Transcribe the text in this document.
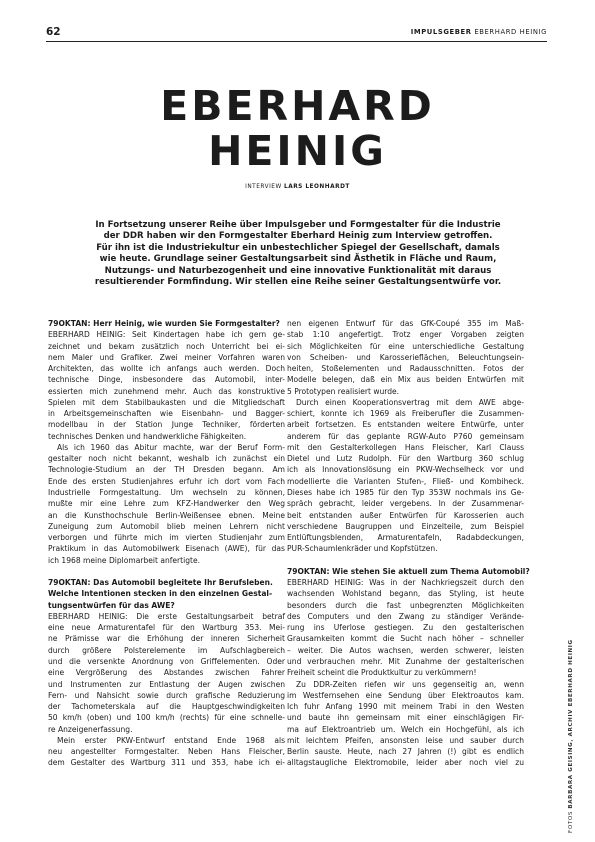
62	IMPULSGEBER EBERHARD HEINIG
EBERHARD
HEINIG
INTERVIEW LARS LEONHARDT
In Fortsetzung unserer Reihe über Impulsgeber und Formgestalter für die Industrie
der DDR haben wir den Formgestalter Eberhard Heinig zum Interview getroffen.
Für ihn ist die Industriekultur ein unbestechlicher Spiegel der Gesellschaft, damals
wie heute. Grundlage seiner Gestaltungsarbeit sind Ästhetik in Fläche und Raum,
Nutzungs- und Naturbezogenheit und eine innovative Funktionalität mit daraus
resultierender Formfindung. Wir stellen eine Reihe seiner Gestaltungsentwürfe vor.
79OKTAN: Herr Heinig, wie wurden Sie Formgestalter?
EBERHARD HEINIG: Seit Kindertagen habe ich gern ge-
zeichnet und bekam zusätzlich noch Unterricht bei ei-
nem Maler und Grafiker. Zwei meiner Vorfahren waren
Architekten, das wollte ich anfangs auch werden. Doch
technische Dinge, insbesondere das Automobil, inter-
essierten mich zunehmend mehr. Auch das konstruktive
Spielen mit dem Stabilbaukasten und die Mitgliedschaft
in Arbeitsgemeinschaften wie Eisenbahn- und Bagger-
modellbau in der Station Junge Techniker, förderten
technisches Denken und handwerkliche Fähigkeiten.
Als ich 1960 das Abitur machte, war der Beruf Form-
gestalter noch nicht bekannt, weshalb ich zunächst ein
Technologie-Studium an der TH Dresden begann. Am
Ende des ersten Studienjahres erfuhr ich dort vom Fach
Industrielle Formgestaltung. Um wechseln zu können,
mußte mir eine Lehre zum KFZ-Handwerker den Weg
an die Kunsthochschule Berlin-Weißensee ebnen. Meine
Zuneigung zum Automobil blieb meinen Lehrern nicht
verborgen und führte mich im vierten Studienjahr zum
Praktikum in das Automobilwerk Eisenach (AWE), für das
ich 1968 meine Diplomarbeit anfertigte.
79OKTAN: Das Automobil begleitete Ihr Berufsleben.
Welche Intentionen stecken in den einzelnen Gestal-
tungsentwürfen für das AWE?
EBERHARD HEINIG: Die erste Gestaltungsarbeit betraf
eine neue Armaturentafel für den Wartburg 353. Mei-
ne Prämisse war die Erhöhung der inneren Sicherheit
durch größere Polsterelemente im Aufschlagbereich
und die versenkte Anordnung von Griffelementen. Oder
eine Vergrößerung des Abstandes zwischen Fahrer
und Instrumenten zur Entlastung der Augen zwischen
Fern- und Nahsicht sowie durch grafische Reduzierung
der Tachometerskala auf die Hauptgeschwindigkeiten
50 km/h (oben) und 100 km/h (rechts) für eine schnelle-
re Anzeigenerfassung.
Mein erster PKW-Entwurf entstand Ende 1968 als
neu angestellter Formgestalter. Neben Hans Fleischer,
dem Gestalter des Wartburg 311 und 353, habe ich ei-
nen eigenen Entwurf für das GfK-Coupé 355 im Maß-
stab 1:10 angefertigt. Trotz enger Vorgaben zeigten
sich Möglichkeiten für eine unterschiedliche Gestaltung
von Scheiben- und Karosserieflächen, Beleuchtungsein-
heiten, Stoßelementen und Radausschnitten. Fotos der
Modelle belegen, daß ein Mix aus beiden Entwürfen mit
5 Prototypen realisiert wurde.
Durch einen Kooperationsvertrag mit dem AWE abge-
schiert, konnte ich 1969 als Freiberufler die Zusammen-
arbeit fortsetzen. Es entstanden weitere Entwürfe, unter
anderem für das geplante RGW-Auto P760 gemeinsam
mit den Gestalterkollegen Hans Fleischer, Karl Clauss
Dietel und Lutz Rudolph. Für den Wartburg 360 schlug
ich als Innovationslösung ein PKW-Wechselheck vor und
modellierte die Varianten Stufen-, Fließ- und Kombiheck.
Dieses habe ich 1985 für den Typ 353W nochmals ins Ge-
spräch gebracht, leider vergebens. In der Zusammenar-
beit entstanden außer Entwürfen für Karosserien auch
verschiedene Baugruppen und Einzelteile, zum Beispiel
Entlüftungsblenden, Armaturentafeln, Radabdeckungen,
PUR-Schaumlenkräder und Kopfstützen.
79OKTAN: Wie stehen Sie aktuell zum Thema Automobil?
EBERHARD HEINIG: Was in der Nachkriegszeit durch den
wachsenden Wohlstand begann, das Styling, ist heute
besonders durch die fast unbegrenzten Möglichkeiten
des Computers und den Zwang zu ständiger Verände-
rung ins Uferlose gestiegen. Zu den gestalterischen
Grausamkeiten kommt die Sucht nach höher – schneller
– weiter. Die Autos wachsen, werden schwerer, leisten
und verbrauchen mehr. Mit Zunahme der gestalterischen
Freiheit scheint die Produktkultur zu verkümmern!
Zu DDR-Zeiten riefen wir uns gegenseitig an, wenn
im Westfernsehen eine Sendung über Elektroautos kam.
Ich fuhr Anfang 1990 mit meinem Trabi in den Westen
und baute ihn gemeinsam mit einer einschlägigen Fir-
ma auf Elektroantrieb um. Welch ein Hochgefühl, als ich
mit leichtem Pfeifen, ansonsten leise und sauber durch
Berlin sauste. Heute, nach 27 Jahren (!) gibt es endlich
alltagstaugliche Elektromobile, leider aber noch viel zu
FOTOS BARBARA GEISING, ARCHIV EBERHARD HEINIG
